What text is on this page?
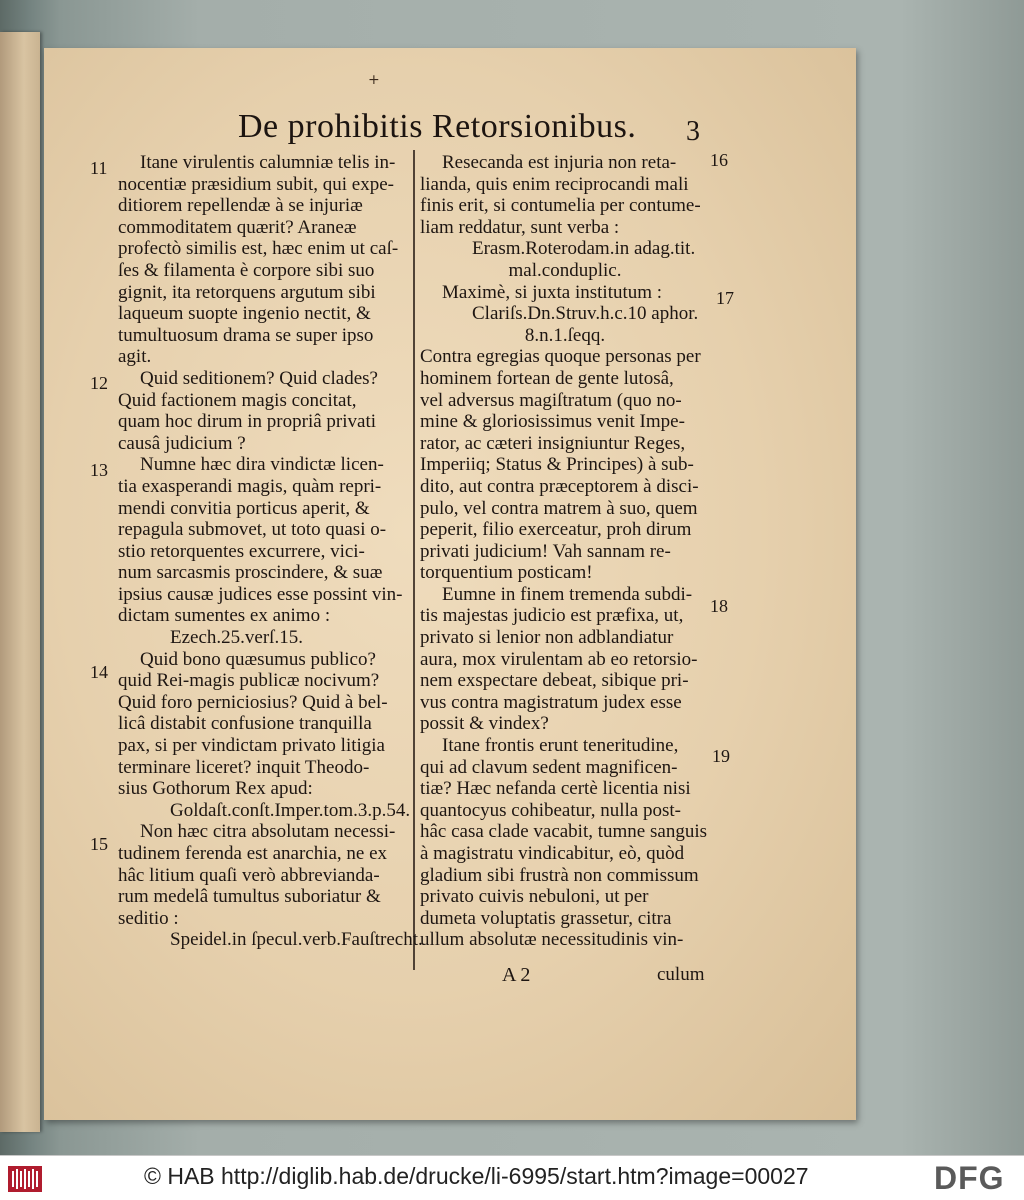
+
De prohibitis Retorsionibus. 3
Itane virulentis calumniæ telis in-
nocentiæ præsidium subit, qui expe-
ditiorem repellendæ à se injuriæ
commoditatem quærit? Araneæ
profectò similis est, hæc enim ut caſ-
ſes & filamenta è corpore sibi suo
gignit, ita retorquens argutum sibi
laqueum suopte ingenio nectit, &
tumultuosum drama se super ipso
agit.
Quid seditionem? Quid clades?
Quid factionem magis concitat,
quam hoc dirum in propriâ privati
causâ judicium ?
Numne hæc dira vindictæ licen-
tia exasperandi magis, quàm repri-
mendi convitia porticus aperit, &
repagula submovet, ut toto quasi o-
stio retorquentes excurrere, vici-
num sarcasmis proscindere, & suæ
ipsius causæ judices esse possint vin-
dictam sumentes ex animo :
Ezech.25.verſ.15.
Quid bono quæsumus publico?
quid Rei-magis publicæ nocivum?
Quid foro perniciosius? Quid à bel-
licâ distabit confusione tranquilla
pax, si per vindictam privato litigia
terminare liceret? inquit Theodo-
sius Gothorum Rex apud:
Goldaſt.conſt.Imper.tom.3.p.54.
Non hæc citra absolutam necessi-
tudinem ferenda est anarchia, ne ex
hâc litium quaſi verò abbrevianda-
rum medelâ tumultus suboriatur &
seditio :
Speidel.in ſpecul.verb.Fauſtrecht.
Resecanda est injuria non reta-
lianda, quis enim reciprocandi mali
finis erit, si contumelia per contume-
liam reddatur, sunt verba :
Erasm.Roterodam.in adag.tit.
mal.conduplic.
Maximè, si juxta institutum :
Clariſs.Dn.Struv.h.c.10 aphor.
8.n.1.ſeqq.
Contra egregias quoque personas per
hominem fortean de gente lutosâ,
vel adversus magiſtratum (quo no-
mine & gloriosissimus venit Impe-
rator, ac cæteri insigniuntur Reges,
Imperiiq; Status & Principes) à sub-
dito, aut contra præceptorem à disci-
pulo, vel contra matrem à suo, quem
peperit, filio exerceatur, proh dirum
privati judicium! Vah sannam re-
torquentium posticam!
Eumne in finem tremenda subdi-
tis majestas judicio est præfixa, ut,
privato si lenior non adblandiatur
aura, mox virulentam ab eo retorsio-
nem exspectare debeat, sibique pri-
vus contra magistratum judex esse
possit & vindex?
Itane frontis erunt teneritudine,
qui ad clavum sedent magnificen-
tiæ? Hæc nefanda certè licentia nisi
quantocyus cohibeatur, nulla post-
hâc casa clade vacabit, tumne sanguis
à magistratu vindicabitur, eò, quòd
gladium sibi frustrà non commissum
privato cuivis nebuloni, ut per
dumeta voluptatis grassetur, citra
ullum absolutæ necessitudinis vin-
11
12
13
14
15
16
17
18
19
A 2	culum
© HAB http://diglib.hab.de/drucke/li-6995/start.htm?image=00027	DFG
